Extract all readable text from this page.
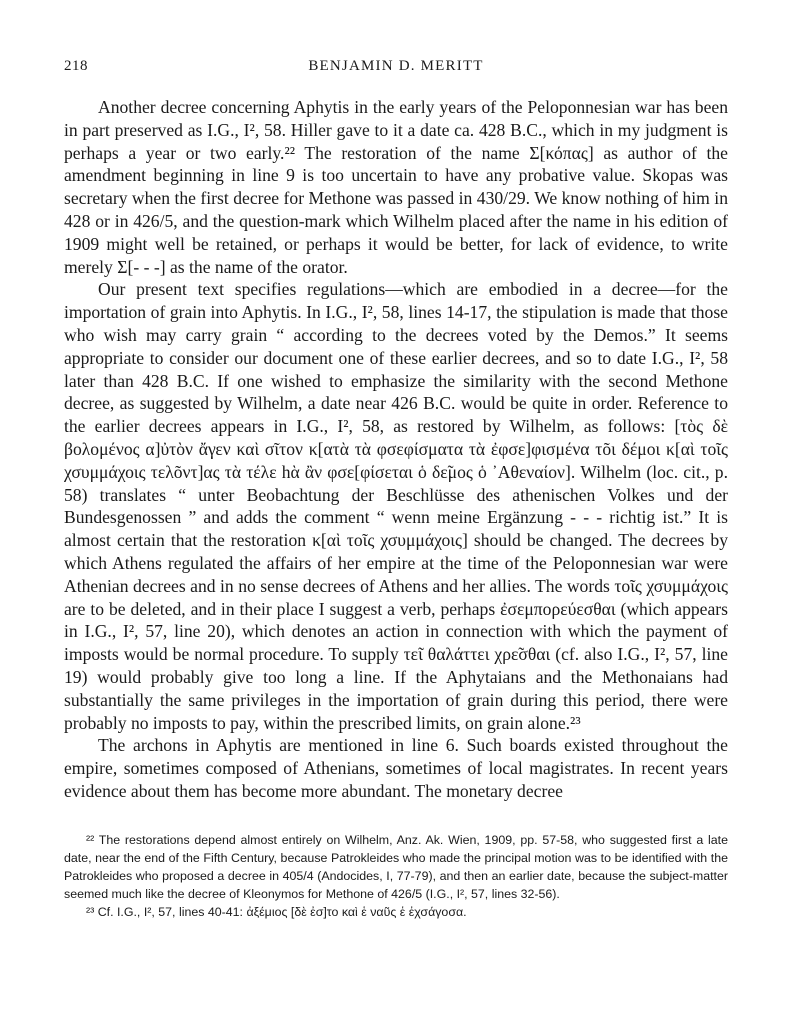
218	BENJAMIN D. MERITT

Another decree concerning Aphytis in the early years of the Peloponnesian war has been in part preserved as I.G., I², 58. Hiller gave to it a date ca. 428 B.C., which in my judgment is perhaps a year or two early.²² The restoration of the name Σ[κόπας] as author of the amendment beginning in line 9 is too uncertain to have any probative value. Skopas was secretary when the first decree for Methone was passed in 430/29. We know nothing of him in 428 or in 426/5, and the question-mark which Wilhelm placed after the name in his edition of 1909 might well be retained, or perhaps it would be better, for lack of evidence, to write merely Σ[- - -] as the name of the orator.

Our present text specifies regulations—which are embodied in a decree—for the importation of grain into Aphytis. In I.G., I², 58, lines 14-17, the stipulation is made that those who wish may carry grain “ according to the decrees voted by the Demos.” It seems appropriate to consider our document one of these earlier decrees, and so to date I.G., I², 58 later than 428 B.C. If one wished to emphasize the similarity with the second Methone decree, as suggested by Wilhelm, a date near 426 B.C. would be quite in order. Reference to the earlier decrees appears in I.G., I², 58, as restored by Wilhelm, as follows: [τὸς δὲ βολομένος α]ὐτὸν ἄγεν καὶ σῖτον κ[ατὰ τὰ φσεφίσματα τὰ ἐφσε]φισμένα τõι δέμοι κ[αὶ τοῖς χσυμμάχοις τελõντ]ας τὰ τέλε hὰ ἂν φσε[φίσεται ὁ δε̃μος ὁ ᾿Αθεναίον]. Wilhelm (loc. cit., p. 58) translates “ unter Beobachtung der Beschlüsse des athenischen Volkes und der Bundesgenossen ” and adds the comment “ wenn meine Ergänzung - - - richtig ist.” It is almost certain that the restoration κ[αὶ τοῖς χσυμμάχοις] should be changed. The decrees by which Athens regulated the affairs of her empire at the time of the Peloponnesian war were Athenian decrees and in no sense decrees of Athens and her allies. The words τοῖς χσυμμάχοις are to be deleted, and in their place I suggest a verb, perhaps ἐσεμπορεύεσθαι (which appears in I.G., I², 57, line 20), which denotes an action in connection with which the payment of imposts would be normal procedure. To supply τε̃ι θαλάττει χρε̃σθαι (cf. also I.G., I², 57, line 19) would probably give too long a line. If the Aphytaians and the Methonaians had substantially the same privileges in the importation of grain during this period, there were probably no imposts to pay, within the prescribed limits, on grain alone.²³

The archons in Aphytis are mentioned in line 6. Such boards existed throughout the empire, sometimes composed of Athenians, sometimes of local magistrates. In recent years evidence about them has become more abundant. The monetary decree

²² The restorations depend almost entirely on Wilhelm, Anz. Ak. Wien, 1909, pp. 57-58, who suggested first a late date, near the end of the Fifth Century, because Patrokleides who made the principal motion was to be identified with the Patrokleides who proposed a decree in 405/4 (Andocides, I, 77-79), and then an earlier date, because the subject-matter seemed much like the decree of Kleonymos for Methone of 426/5 (I.G., I², 57, lines 32-56).

²³ Cf. I.G., I², 57, lines 40-41: ἀξέμιος [δὲ ἐσ]το καὶ ἑ ναῦς ἑ ἐχσάγοσα.
